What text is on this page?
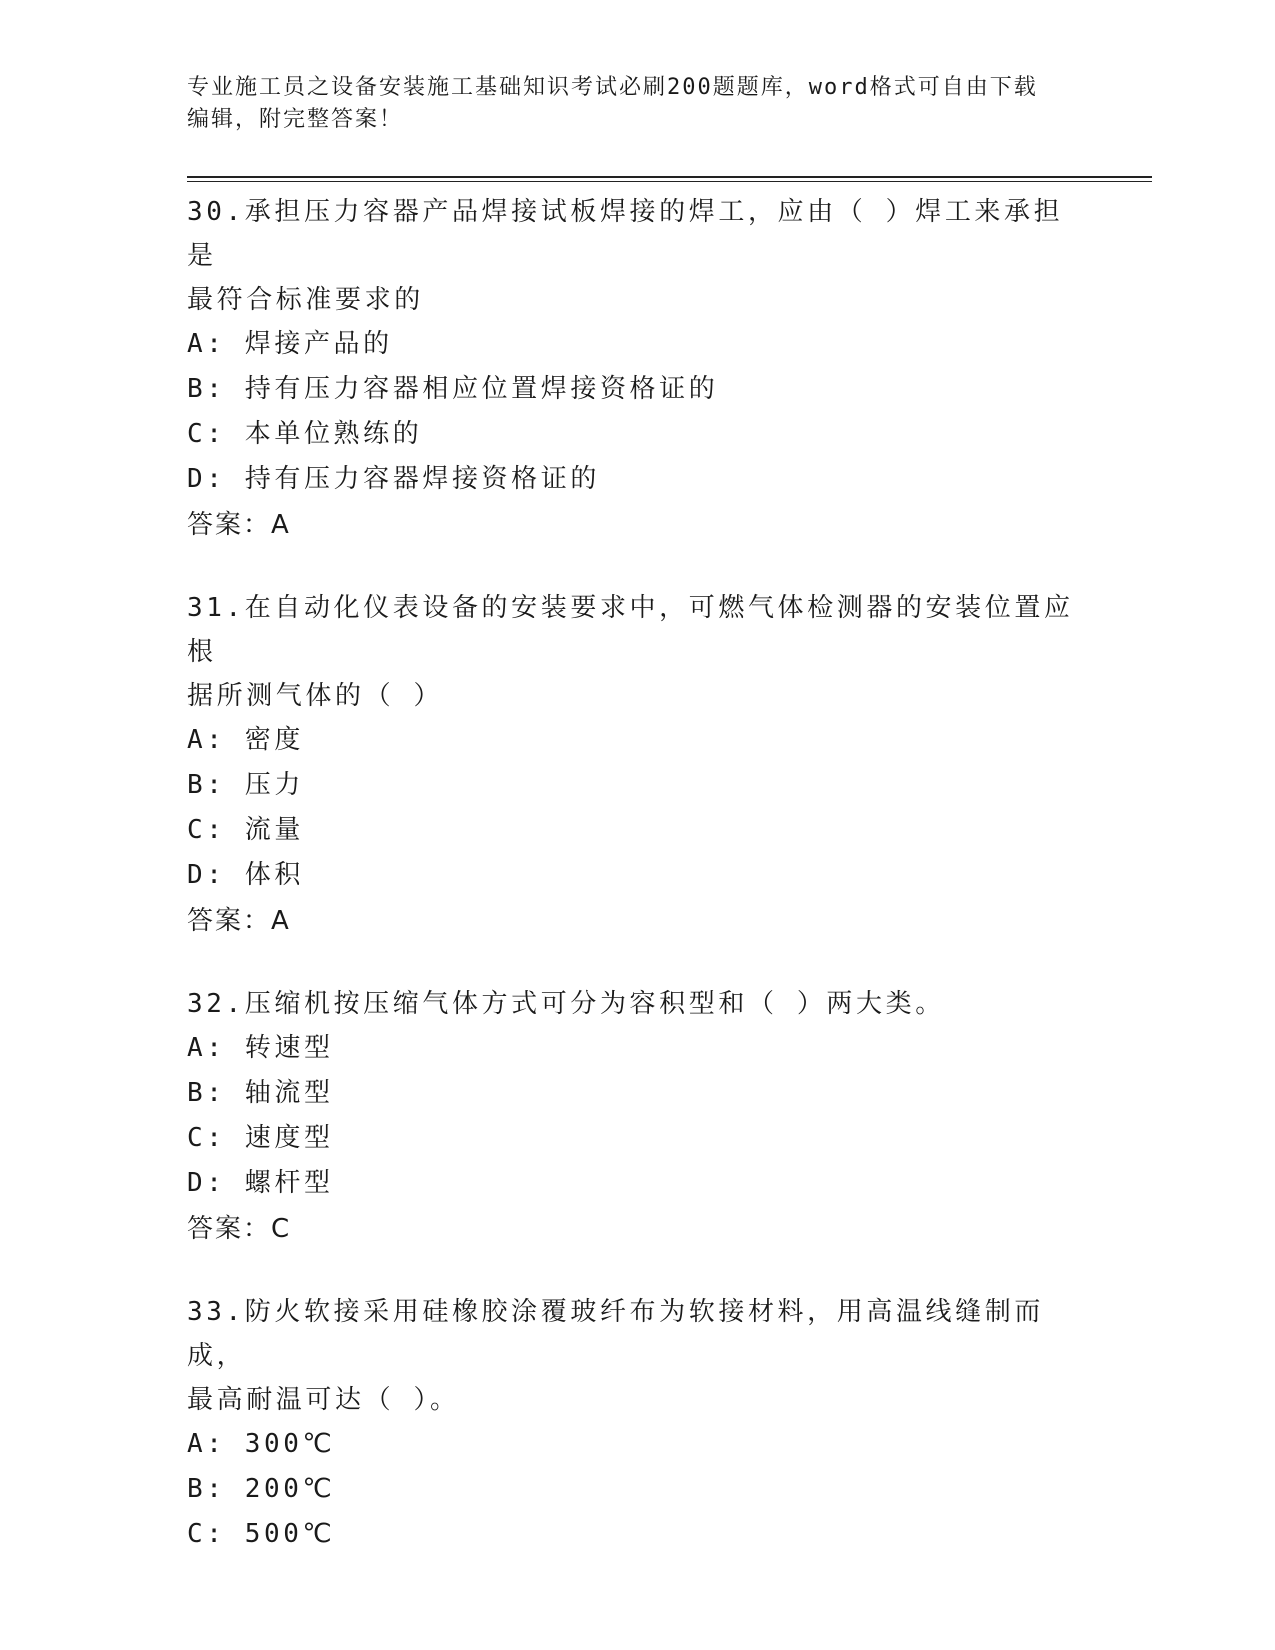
专业施工员之设备安装施工基础知识考试必刷200题题库，word格式可自由下载
编辑，附完整答案！

30.承担压力容器产品焊接试板焊接的焊工，应由（ ）焊工来承担是

最符合标准要求的

A: 焊接产品的

B: 持有压力容器相应位置焊接资格证的

C: 本单位熟练的

D: 持有压力容器焊接资格证的

答案：A

31.在自动化仪表设备的安装要求中，可燃气体检测器的安装位置应根

据所测气体的（ ）

A: 密度

B: 压力

C: 流量

D: 体积

答案：A

32.压缩机按压缩气体方式可分为容积型和（ ）两大类。

A: 转速型

B: 轴流型

C: 速度型

D: 螺杆型

答案：C

33.防火软接采用硅橡胶涂覆玻纤布为软接材料，用高温线缝制而成，

最高耐温可达（ ）。

A: 300℃

B: 200℃

C: 500℃
